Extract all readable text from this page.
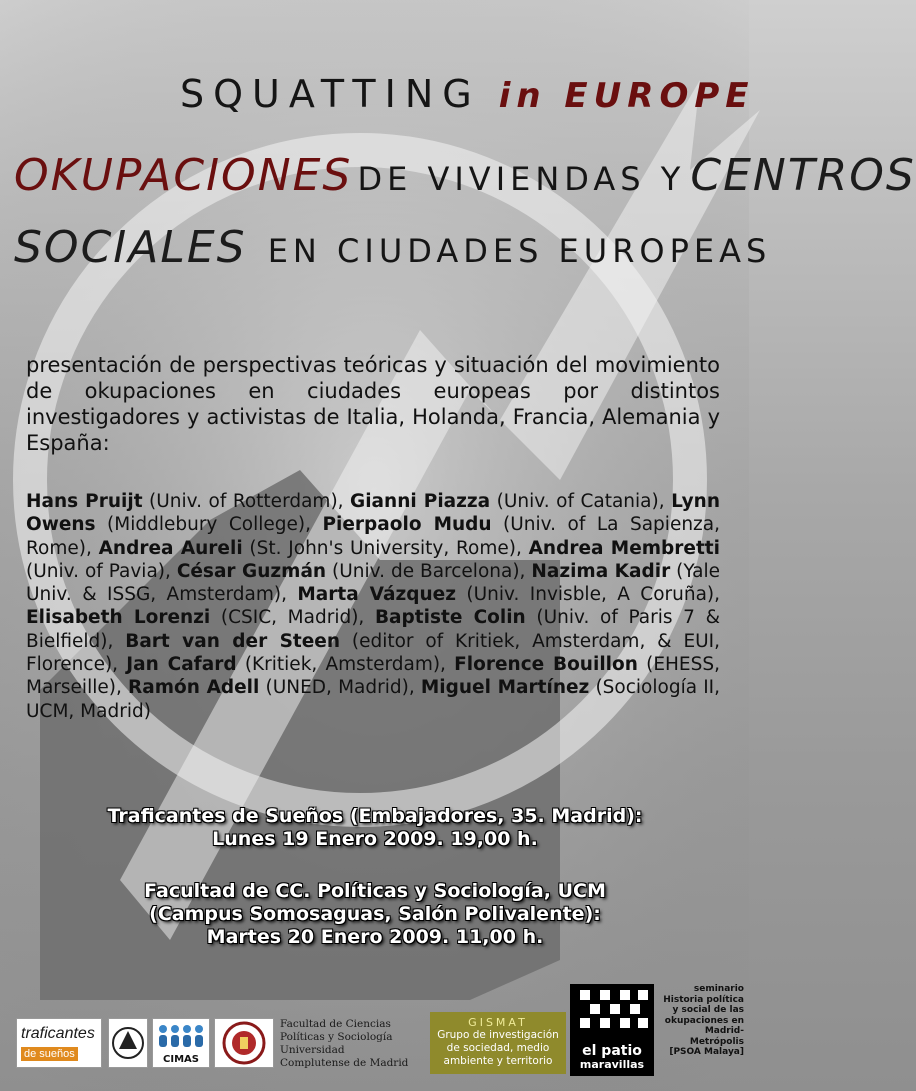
SQUATTING in EUROPE
OKUPACIONES DE VIVIENDAS Y CENTROS
SOCIALES EN CIUDADES EUROPEAS

presentación de perspectivas teóricas y situación del movimiento de okupaciones en ciudades europeas por distintos investigadores y activistas de Italia, Holanda, Francia, Alemania y España:

Hans Pruijt (Univ. of Rotterdam), Gianni Piazza (Univ. of Catania), Lynn Owens (Middlebury College), Pierpaolo Mudu (Univ. of La Sapienza, Rome), Andrea Aureli (St. John's University, Rome), Andrea Membretti (Univ. of Pavia), César Guzmán (Univ. de Barcelona), Nazima Kadir (Yale Univ. & ISSG, Amsterdam), Marta Vázquez (Univ. Invisble, A Coruña), Elisabeth Lorenzi (CSIC, Madrid), Baptiste Colin (Univ. of Paris 7 & Bielfield), Bart van der Steen (editor of Kritiek, Amsterdam, & EUI, Florence), Jan Cafard (Kritiek, Amsterdam), Florence Bouillon (EHESS, Marseille), Ramón Adell (UNED, Madrid), Miguel Martínez (Sociología II, UCM, Madrid)

Traficantes de Sueños (Embajadores, 35. Madrid):
Lunes 19 Enero 2009. 19,00 h.
Facultad de CC. Políticas y Sociología, UCM
(Campus Somosaguas, Salón Polivalente):
Martes 20 Enero 2009. 11,00 h.
traficantes
de sueños	CIMAS
Facultad de Ciencias
Políticas y Sociología
Universidad
Complutense de Madrid
GISMAT
Grupo de investigación
de sociedad, medio
ambiente y territorio
el patio
maravillas
seminario
Historia política
y social de las
okupaciones en
Madrid-
Metrópolis
[PSOA Malaya]
